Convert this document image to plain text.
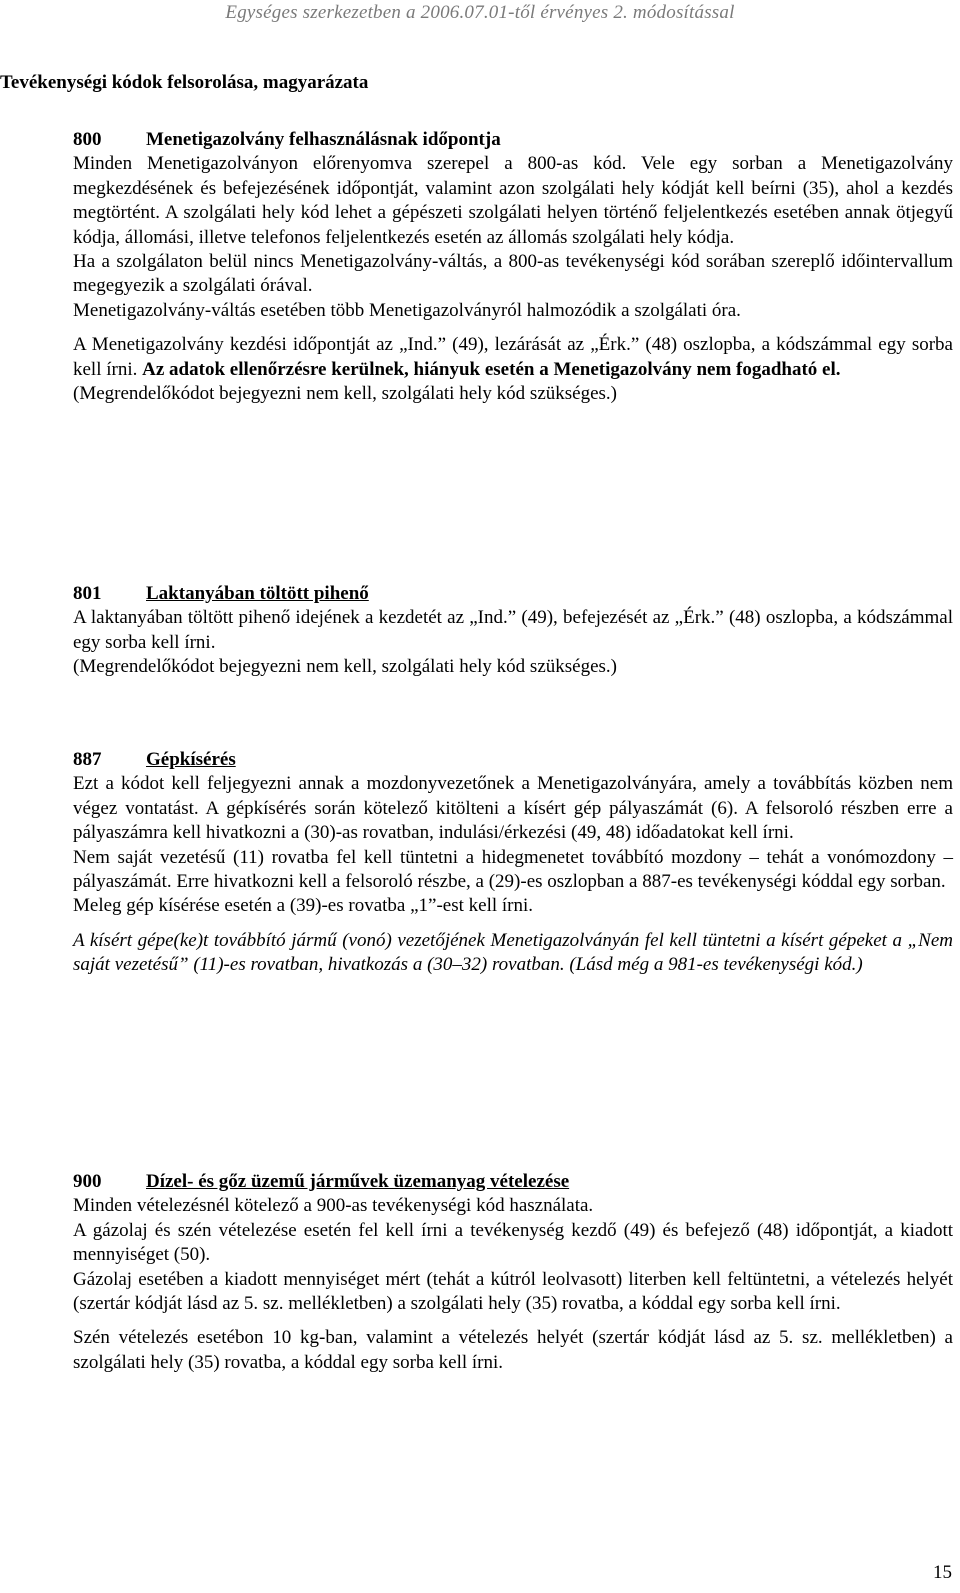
Egységes szerkezetben a 2006.07.01-től érvényes 2. módosítással
Tevékenységi kódok felsorolása, magyarázata

800 Menetigazolvány felhasználásnak időpontja

Minden Menetigazolványon előrenyomva szerepel a 800-as kód. Vele egy sorban a Menetigazolvány megkezdésének és befejezésének időpontját, valamint azon szolgálati hely kódját kell beírni (35), ahol a kezdés megtörtént. A szolgálati hely kód lehet a gépészeti szolgálati helyen történő feljelentkezés esetében annak ötjegyű kódja, állomási, illetve telefonos feljelentkezés esetén az állomás szolgálati hely kódja.

Ha a szolgálaton belül nincs Menetigazolvány-váltás, a 800-as tevékenységi kód sorában szereplő időintervallum megegyezik a szolgálati órával.

Menetigazolvány-váltás esetében több Menetigazolványról halmozódik a szolgálati óra.

A Menetigazolvány kezdési időpontját az „Ind.” (49), lezárását az „Érk.” (48) oszlopba, a kódszámmal egy sorba kell írni. Az adatok ellenőrzésre kerülnek, hiányuk esetén a Menetigazolvány nem fogadható el.

(Megrendelőkódot bejegyezni nem kell, szolgálati hely kód szükséges.)

801 Laktanyában töltött pihenő

A laktanyában töltött pihenő idejének a kezdetét az „Ind.” (49), befejezését az „Érk.” (48) oszlopba, a kódszámmal egy sorba kell írni.

(Megrendelőkódot bejegyezni nem kell, szolgálati hely kód szükséges.)

887 Gépkísérés

Ezt a kódot kell feljegyezni annak a mozdonyvezetőnek a Menetigazolványára, amely a továbbítás közben nem végez vontatást. A gépkísérés során kötelező kitölteni a kísért gép pályaszámát (6). A felsoroló részben erre a pályaszámra kell hivatkozni a (30)-as rovatban, indulási/érkezési (49, 48) időadatokat kell írni.

Nem saját vezetésű (11) rovatba fel kell tüntetni a hidegmenetet továbbító mozdony – tehát a vonómozdony – pályaszámát. Erre hivatkozni kell a felsoroló részbe, a (29)-es oszlopban a 887-es tevékenységi kóddal egy sorban.

Meleg gép kísérése esetén a (39)-es rovatba „1”-est kell írni.

A kísért gépe(ke)t továbbító jármű (vonó) vezetőjének Menetigazolványán fel kell tüntetni a kísért gépeket a „Nem saját vezetésű” (11)-es rovatban, hivatkozás a (30–32) rovatban. (Lásd még a 981-es tevékenységi kód.)

900 Dízel- és gőz üzemű járművek üzemanyag vételezése

Minden vételezésnél kötelező a 900-as tevékenységi kód használata.

A gázolaj és szén vételezése esetén fel kell írni a tevékenység kezdő (49) és befejező (48) időpontját, a kiadott mennyiséget (50).

Gázolaj esetében a kiadott mennyiséget mért (tehát a kútról leolvasott) literben kell feltüntetni, a vételezés helyét (szertár kódját lásd az 5. sz. mellékletben) a szolgálati hely (35) rovatba, a kóddal egy sorba kell írni.

Szén vételezés esetébon 10 kg-ban, valamint a vételezés helyét (szertár kódját lásd az 5. sz. mellékletben) a szolgálati hely (35) rovatba, a kóddal egy sorba kell írni.

15
